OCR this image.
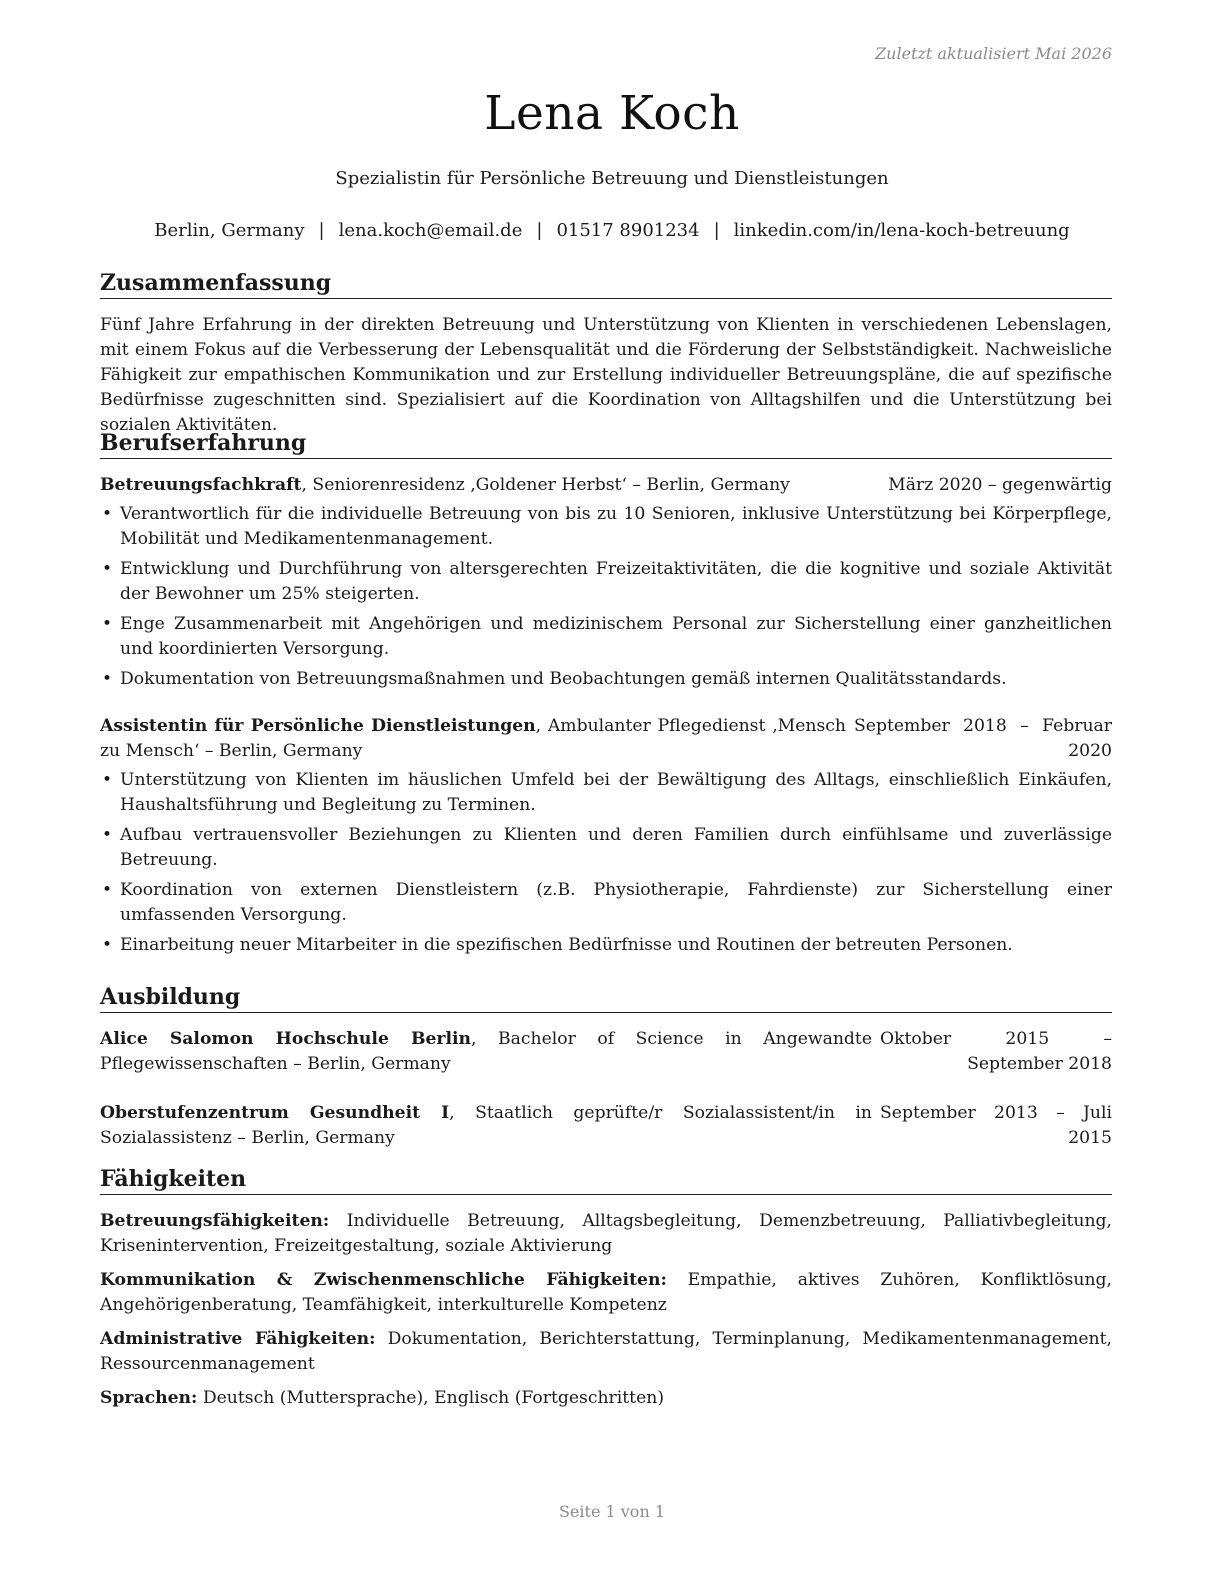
Zuletzt aktualisiert Mai 2026
Lena Koch
Spezialistin für Persönliche Betreuung und Dienstleistungen
Berlin, Germany | lena.koch@email.de | 01517 8901234 | linkedin.com/in/lena-koch-betreuung
Zusammenfassung

Fünf Jahre Erfahrung in der direkten Betreuung und Unterstützung von Klienten in verschiedenen Lebenslagen, mit einem Fokus auf die Verbesserung der Lebensqualität und die Förderung der Selbstständigkeit. Nachweisliche Fähigkeit zur empathischen Kommunikation und zur Erstellung individueller Betreuungspläne, die auf spezifische Bedürfnisse zugeschnitten sind. Spezialisiert auf die Koordination von Alltagshilfen und die Unterstützung bei sozialen Aktivitäten.

Berufserfahrung
Betreuungsfachkraft, Seniorenresidenz ‚Goldener Herbst‘ – Berlin, Germany	März 2020 – gegenwärtig
• Verantwortlich für die individuelle Betreuung von bis zu 10 Senioren, inklusive Unterstützung bei Körperpflege, Mobilität und Medikamentenmanagement.
• Entwicklung und Durchführung von altersgerechten Freizeitaktivitäten, die die kognitive und soziale Aktivität der Bewohner um 25% steigerten.
• Enge Zusammenarbeit mit Angehörigen und medizinischem Personal zur Sicherstellung einer ganzheitlichen und koordinierten Versorgung.
• Dokumentation von Betreuungsmaßnahmen und Beobachtungen gemäß internen Qualitätsstandards.
Assistentin für Persönliche Dienstleistungen, Ambulanter Pflegedienst ‚Mensch zu Mensch‘ – Berlin, Germany
September 2018 – Februar 2020
• Unterstützung von Klienten im häuslichen Umfeld bei der Bewältigung des Alltags, einschließlich Einkäufen, Haushaltsführung und Begleitung zu Terminen.
• Aufbau vertrauensvoller Beziehungen zu Klienten und deren Familien durch einfühlsame und zuverlässige Betreuung.
• Koordination von externen Dienstleistern (z.B. Physiotherapie, Fahrdienste) zur Sicherstellung einer umfassenden Versorgung.
• Einarbeitung neuer Mitarbeiter in die spezifischen Bedürfnisse und Routinen der betreuten Personen.
Ausbildung
Alice Salomon Hochschule Berlin, Bachelor of Science in Angewandte Pflegewissenschaften – Berlin, Germany
Oktober 2015 – September 2018
Oberstufenzentrum Gesundheit I, Staatlich geprüfte/r Sozialassistent/in in Sozialassistenz – Berlin, Germany
September 2013 – Juli 2015
Fähigkeiten

Betreuungsfähigkeiten: Individuelle Betreuung, Alltagsbegleitung, Demenzbetreuung, Palliativbegleitung, Krisenintervention, Freizeitgestaltung, soziale Aktivierung

Kommunikation & Zwischenmenschliche Fähigkeiten: Empathie, aktives Zuhören, Konfliktlösung, Angehörigenberatung, Teamfähigkeit, interkulturelle Kompetenz

Administrative Fähigkeiten: Dokumentation, Berichterstattung, Terminplanung, Medikamentenmanagement, Ressourcenmanagement

Sprachen: Deutsch (Muttersprache), Englisch (Fortgeschritten)

Seite 1 von 1
